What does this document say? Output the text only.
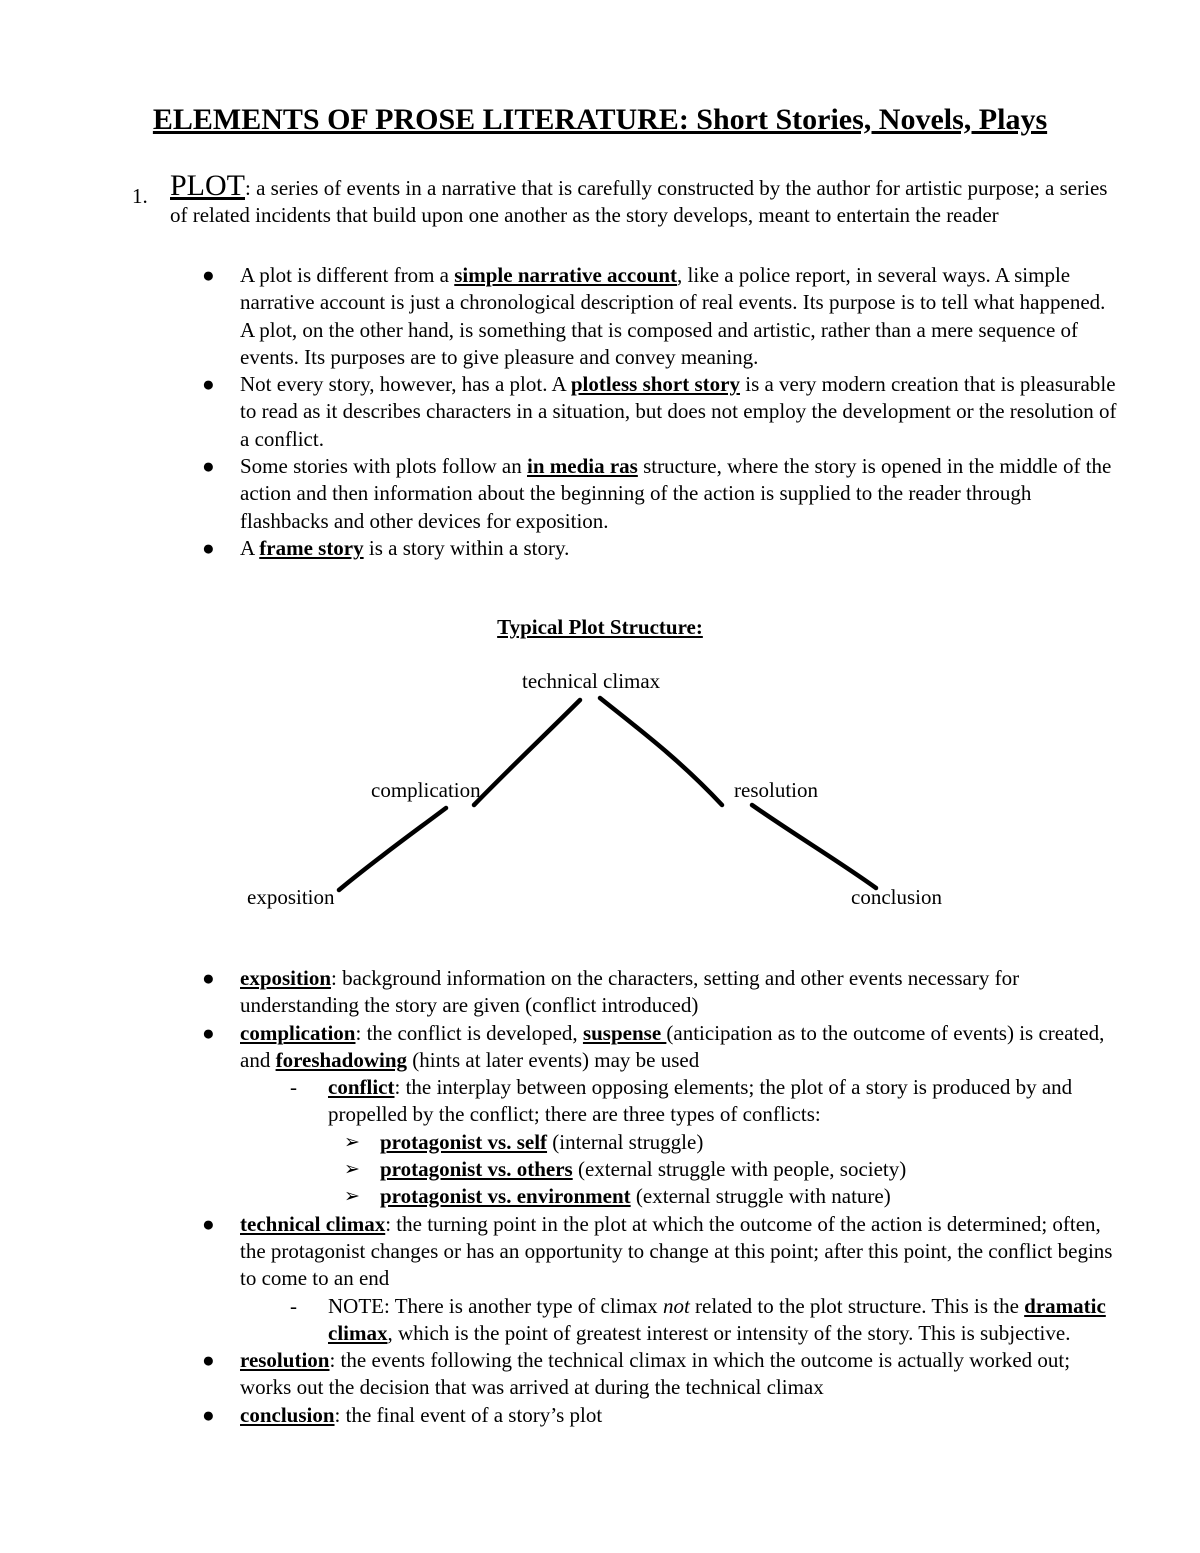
ELEMENTS OF PROSE LITERATURE: Short Stories, Novels, Plays
1. PLOT: a series of events in a narrative that is carefully constructed by the author for artistic purpose; a series of related incidents that build upon one another as the story develops, meant to entertain the reader
● A plot is different from a simple narrative account, like a police report, in several ways. A simple narrative account is just a chronological description of real events. Its purpose is to tell what happened. A plot, on the other hand, is something that is composed and artistic, rather than a mere sequence of events. Its purposes are to give pleasure and convey meaning.
● Not every story, however, has a plot. A plotless short story is a very modern creation that is pleasurable to read as it describes characters in a situation, but does not employ the development or the resolution of a conflict.
● Some stories with plots follow an in media ras structure, where the story is opened in the middle of the action and then information about the beginning of the action is supplied to the reader through flashbacks and other devices for exposition.
● A frame story is a story within a story.
Typical Plot Structure:
technical climax
complication	resolution
exposition	conclusion
● exposition: background information on the characters, setting and other events necessary for understanding the story are given (conflict introduced)
● complication: the conflict is developed, suspense (anticipation as to the outcome of events) is created, and foreshadowing (hints at later events) may be used
- conflict: the interplay between opposing elements; the plot of a story is produced by and propelled by the conflict; there are three types of conflicts:
➢ protagonist vs. self (internal struggle)
➢ protagonist vs. others (external struggle with people, society)
➢ protagonist vs. environment (external struggle with nature)
● technical climax: the turning point in the plot at which the outcome of the action is determined; often, the protagonist changes or has an opportunity to change at this point; after this point, the conflict begins to come to an end
- NOTE: There is another type of climax not related to the plot structure. This is the dramatic climax, which is the point of greatest interest or intensity of the story. This is subjective.
● resolution: the events following the technical climax in which the outcome is actually worked out; works out the decision that was arrived at during the technical climax
● conclusion: the final event of a story’s plot
